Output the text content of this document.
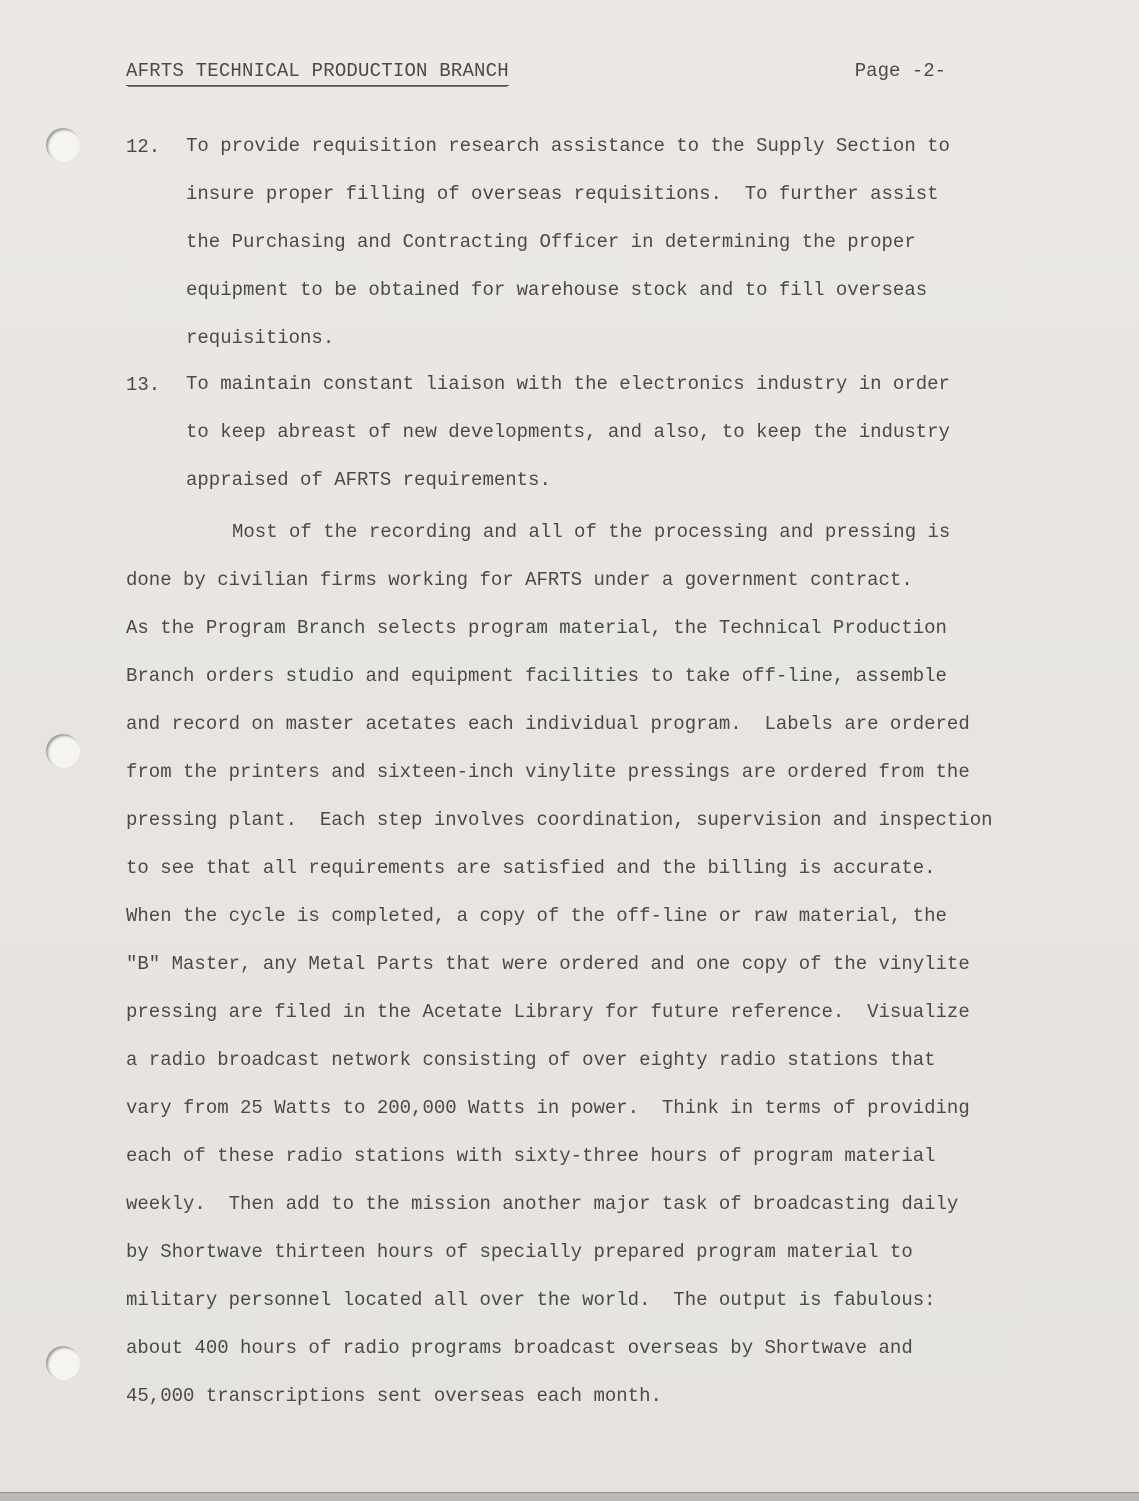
AFRTS TECHNICAL PRODUCTION BRANCH	Page -2-
12. To provide requisition research assistance to the Supply Section to
insure proper filling of overseas requisitions.  To further assist
the Purchasing and Contracting Officer in determining the proper
equipment to be obtained for warehouse stock and to fill overseas
requisitions.
13. To maintain constant liaison with the electronics industry in order
to keep abreast of new developments, and also, to keep the industry
appraised of AFRTS requirements.
Most of the recording and all of the processing and pressing is
done by civilian firms working for AFRTS under a government contract.
As the Program Branch selects program material, the Technical Production
Branch orders studio and equipment facilities to take off-line, assemble
and record on master acetates each individual program.  Labels are ordered
from the printers and sixteen-inch vinylite pressings are ordered from the
pressing plant.  Each step involves coordination, supervision and inspection
to see that all requirements are satisfied and the billing is accurate.
When the cycle is completed, a copy of the off-line or raw material, the
"B" Master, any Metal Parts that were ordered and one copy of the vinylite
pressing are filed in the Acetate Library for future reference.  Visualize
a radio broadcast network consisting of over eighty radio stations that
vary from 25 Watts to 200,000 Watts in power.  Think in terms of providing
each of these radio stations with sixty-three hours of program material
weekly.  Then add to the mission another major task of broadcasting daily
by Shortwave thirteen hours of specially prepared program material to
military personnel located all over the world.  The output is fabulous:
about 400 hours of radio programs broadcast overseas by Shortwave and
45,000 transcriptions sent overseas each month.
